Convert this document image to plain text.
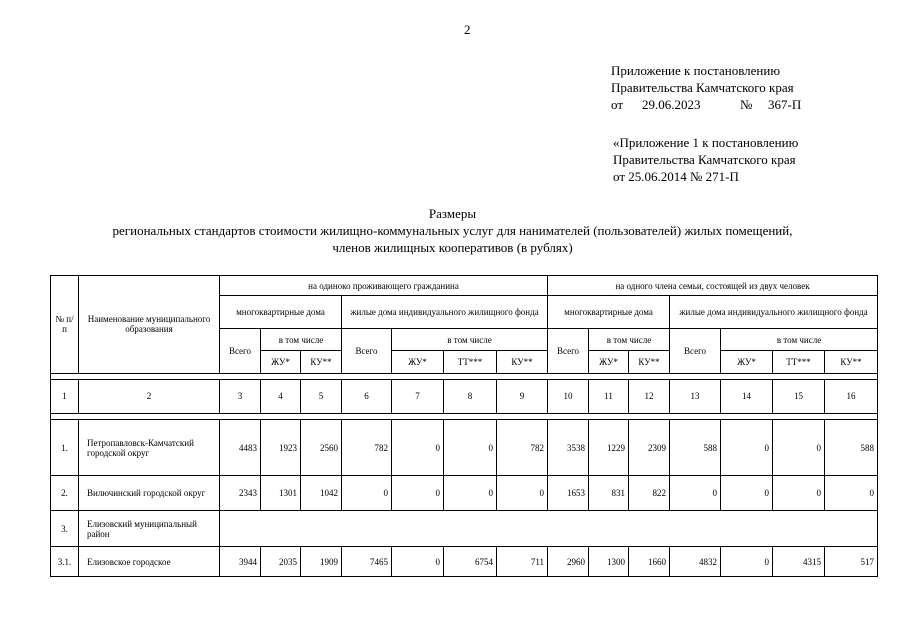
2
Приложение к постановлению
Правительства Камчатского края
от 29.06.2023	№ 367-П
«Приложение 1 к постановлению
Правительства Камчатского края
от 25.06.2014 № 271-П
Размеры
региональных стандартов стоимости жилищно-коммунальных услуг для нанимателей (пользователей) жилых помещений,
членов жилищных кооперативов (в рублях)
№ п/п	Наименование муниципального образования	на одиноко проживающего гражданина							на одного члена семьи, состоящей из двух человек						
		многоквартирные дома			жилые дома индивидуального жилищного фонда				многоквартирные дома			жилые дома индивидуального жилищного фонда			
		Всего	в том числе		Всего	в том числе			Всего	в том числе		Всего	в том числе		
			ЖУ*	КУ**		ЖУ*	ТТ***	КУ**		ЖУ*	КУ**		ЖУ*	ТТ***	КУ**

1	2	3	4	5	6	7	8	9	10	11	12	13	14	15	16

1.	Петропавловск-Камчатский городской округ	4483	1923	2560	782	0	0	782	3538	1229	2309	588	0	0	588
2.	Вилючинский городской округ	2343	1301	1042	0	0	0	0	1653	831	822	0	0	0	0
3.	Елизовский муниципальный район														
3.1.	Елизовское городское	3944	2035	1909	7465	0	6754	711	2960	1300	1660	4832	0	4315	517
